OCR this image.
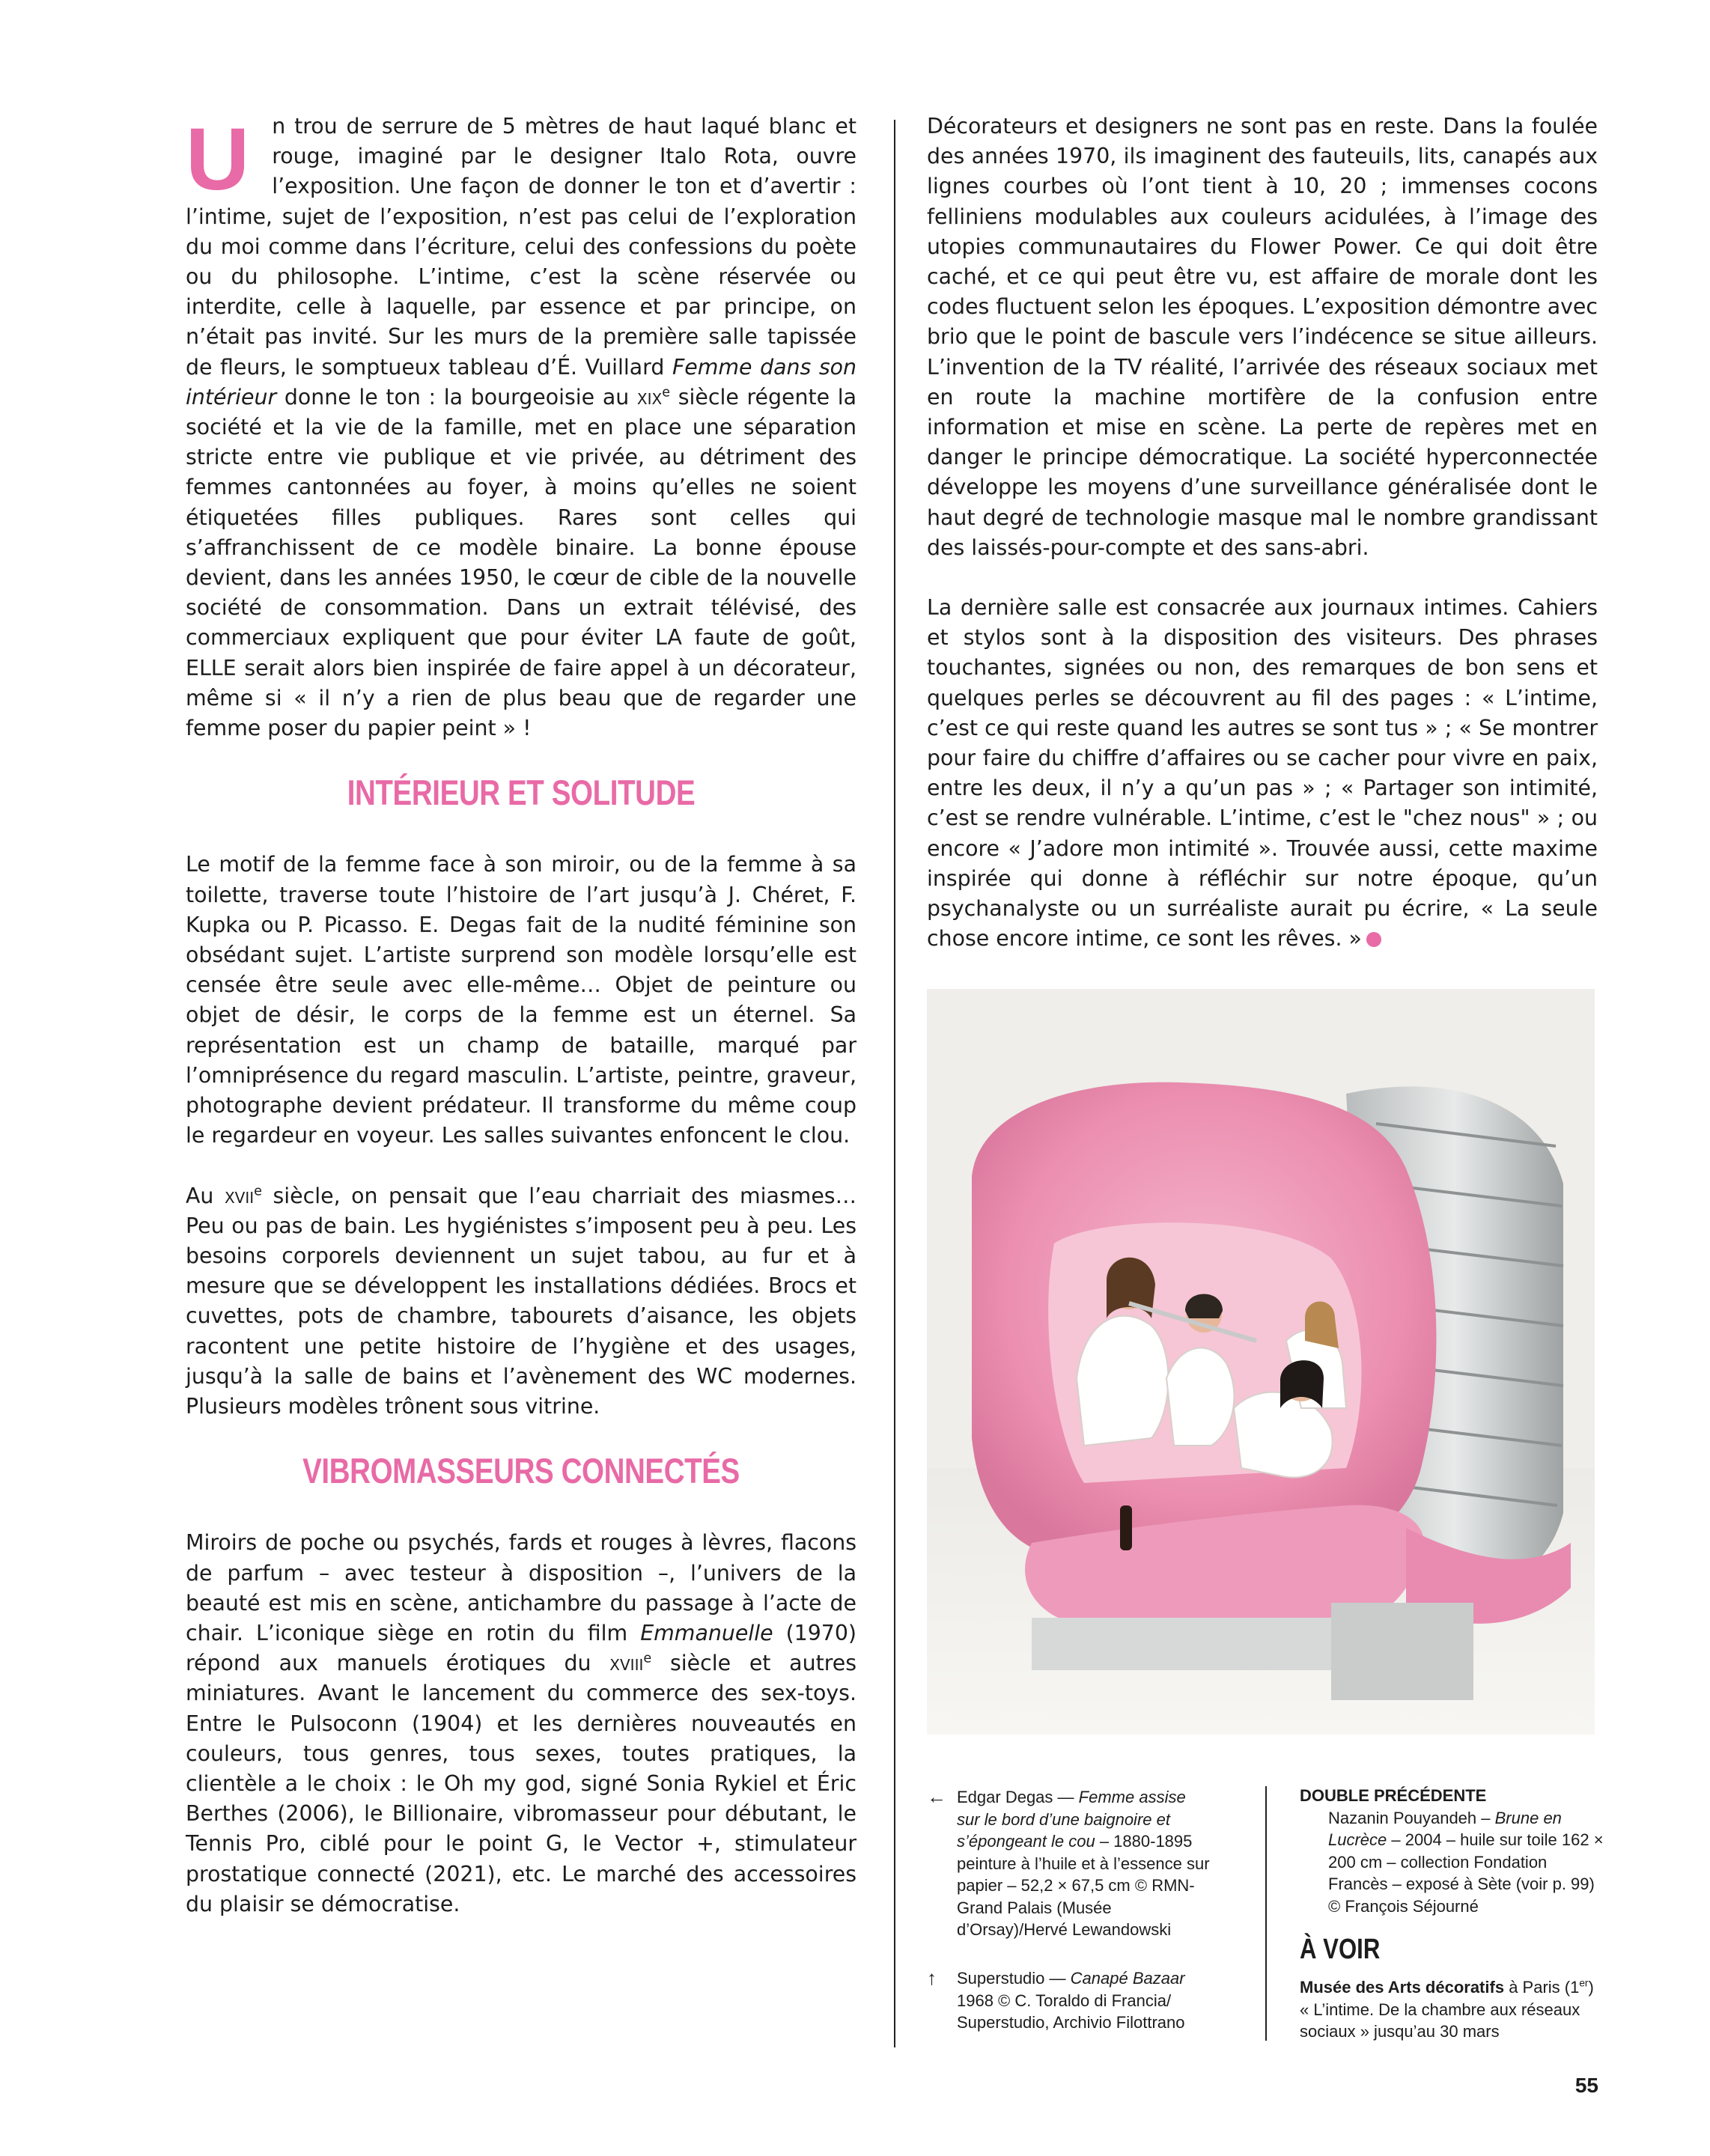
U n trou de serrure de 5 mètres de haut laqué blanc et rouge, imaginé par le designer Italo Rota, ouvre l’exposition. Une façon de donner le ton et d’avertir : l’intime, sujet de l’exposition, n’est pas celui de l’exploration du moi comme dans l’écriture, celui des confessions du poète ou du philosophe. L’intime, c’est la scène réservée ou interdite, celle à laquelle, par essence et par principe, on n’était pas invité. Sur les murs de la première salle tapissée de fleurs, le somptueux tableau d’É. Vuillard Femme dans son intérieur donne le ton : la bourgeoisie au xix$^e$ siècle régente la société et la vie de la famille, met en place une séparation stricte entre vie publique et vie privée, au détriment des femmes cantonnées au foyer, à moins qu’elles ne soient étiquetées filles publiques. Rares sont celles qui s’affranchissent de ce modèle binaire. La bonne épouse devient, dans les années 1950, le cœur de cible de la nouvelle société de consommation. Dans un extrait télévisé, des commerciaux expliquent que pour éviter LA faute de goût, ELLE serait alors bien inspirée de faire appel à un décorateur, même si « il n’y a rien de plus beau que de regarder une femme poser du papier peint » !

INTÉRIEUR ET SOLITUDE

Le motif de la femme face à son miroir, ou de la femme à sa toilette, traverse toute l’histoire de l’art jusqu’à J. Chéret, F. Kupka ou P. Picasso. E. Degas fait de la nudité féminine son obsédant sujet. L’artiste surprend son modèle lorsqu’elle est censée être seule avec elle-même… Objet de peinture ou objet de désir, le corps de la femme est un éternel. Sa représentation est un champ de bataille, marqué par l’omniprésence du regard masculin. L’artiste, peintre, graveur, photographe devient prédateur. Il transforme du même coup le regardeur en voyeur. Les salles suivantes enfoncent le clou.

Au xvii$^e$ siècle, on pensait que l’eau charriait des miasmes… Peu ou pas de bain. Les hygiénistes s’imposent peu à peu. Les besoins corporels deviennent un sujet tabou, au fur et à mesure que se développent les installations dédiées. Brocs et cuvettes, pots de chambre, tabourets d’aisance, les objets racontent une petite histoire de l’hygiène et des usages, jusqu’à la salle de bains et l’avènement des WC modernes. Plusieurs modèles trônent sous vitrine.

VIBROMASSEURS CONNECTÉS

Miroirs de poche ou psychés, fards et rouges à lèvres, flacons de parfum – avec testeur à disposition –, l’univers de la beauté est mis en scène, antichambre du passage à l’acte de chair. L’iconique siège en rotin du film Emmanuelle (1970) répond aux manuels érotiques du xviii$^e$ siècle et autres miniatures. Avant le lancement du commerce des sex-toys. Entre le Pulsoconn (1904) et les dernières nouveautés en couleurs, tous genres, tous sexes, toutes pratiques, la clientèle a le choix : le Oh my god, signé Sonia Rykiel et Éric Berthes (2006), le Billionaire, vibromasseur pour débutant, le Tennis Pro, ciblé pour le point G, le Vector +, stimulateur prostatique connecté (2021), etc. Le marché des accessoires du plaisir se démocratise.

Décorateurs et designers ne sont pas en reste. Dans la foulée des années 1970, ils imaginent des fauteuils, lits, canapés aux lignes courbes où l’ont tient à 10, 20 ; immenses cocons felliniens modulables aux couleurs acidulées, à l’image des utopies communautaires du Flower Power. Ce qui doit être caché, et ce qui peut être vu, est affaire de morale dont les codes fluctuent selon les époques. L’exposition démontre avec brio que le point de bascule vers l’indécence se situe ailleurs. L’invention de la TV réalité, l’arrivée des réseaux sociaux met en route la machine mortifère de la confusion entre information et mise en scène. La perte de repères met en danger le principe démocratique. La société hyperconnectée développe les moyens d’une surveillance généralisée dont le haut degré de technologie masque mal le nombre grandissant des laissés-pour-compte et des sans-abri.

La dernière salle est consacrée aux journaux intimes. Cahiers et stylos sont à la disposition des visiteurs. Des phrases touchantes, signées ou non, des remarques de bon sens et quelques perles se découvrent au fil des pages : « L’intime, c’est ce qui reste quand les autres se sont tus » ; « Se montrer pour faire du chiffre d’affaires ou se cacher pour vivre en paix, entre les deux, il n’y a qu’un pas » ; « Partager son intimité, c’est se rendre vulnérable. L’intime, c’est le "chez nous" » ; ou encore « J’adore mon intimité ». Trouvée aussi, cette maxime inspirée qui donne à réfléchir sur notre époque, qu’un psychanalyste ou un surréaliste aurait pu écrire, « La seule chose encore intime, ce sont les rêves. »

← Edgar Degas — Femme assise sur le bord d’une baignoire et s’épongeant le cou – 1880-1895 peinture à l’huile et à l’essence sur papier – 52,2 × 67,5 cm © RMN-Grand Palais (Musée d’Orsay)/Hervé Lewandowski
↑ Superstudio — Canapé Bazaar 1968 © C. Toraldo di Francia/ Superstudio, Archivio Filottrano
DOUBLE PRÉCÉDENTE
Nazanin Pouyandeh – Brune en Lucrèce – 2004 – huile sur toile 162 × 200 cm – collection Fondation Francès – exposé à Sète (voir p. 99) © François Séjourné
À VOIR
Musée des Arts décoratifs à Paris (1er) « L’intime. De la chambre aux réseaux sociaux » jusqu’au 30 mars
55
